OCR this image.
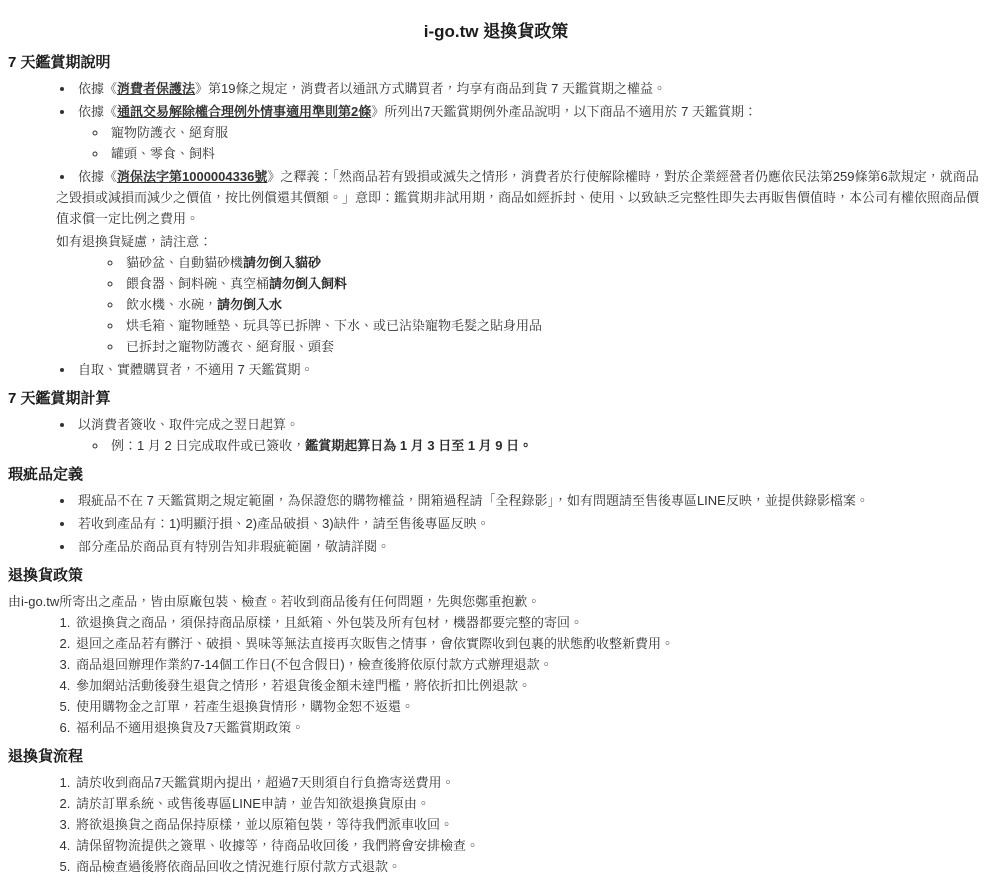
i-go.tw 退換貨政策
7 天鑑賞期說明
• 依據《消費者保護法》第19條之規定，消費者以通訊方式購買者，均享有商品到貨 7 天鑑賞期之權益。
• 依據《通訊交易解除權合理例外情事適用準則第2條》所列出7天鑑賞期例外產品說明，以下商品不適用於 7 天鑑賞期：
◦ 寵物防護衣、絕育服
◦ 罐頭、零食、飼料
• 依據《消保法字第1000004336號》之釋義：「然商品若有毀損或滅失之情形，消費者於行使解除權時，對於企業經營者仍應依民法第259條第6款規定，就商品之毀損或減損而減少之價值，按比例償還其價額。」意即：鑑賞期非試用期，商品如經拆封、使用、以致缺乏完整性即失去再販售價值時，本公司有權依照商品價值求償一定比例之費用。

如有退換貨疑慮，請注意：

◦ 貓砂盆、自動貓砂機請勿倒入貓砂
◦ 餵食器、飼料碗、真空桶請勿倒入飼料
◦ 飲水機、水碗，請勿倒入水
◦ 烘毛箱、寵物睡墊、玩具等已拆牌、下水、或已沾染寵物毛髮之貼身用品
◦ 已拆封之寵物防護衣、絕育服、頭套
• 自取、實體購買者，不適用 7 天鑑賞期。
7 天鑑賞期計算
• 以消費者簽收、取件完成之翌日起算。
◦ 例：1 月 2 日完成取件或已簽收，鑑賞期起算日為 1 月 3 日至 1 月 9 日。
瑕疵品定義
• 瑕疵品不在 7 天鑑賞期之規定範圍，為保證您的購物權益，開箱過程請「全程錄影」，如有問題請至售後專區LINE反映，並提供錄影檔案。
• 若收到產品有：1)明顯汙損、2)產品破損、3)缺件，請至售後專區反映。
• 部分產品於商品頁有特別告知非瑕疵範圍，敬請詳閱。
退換貨政策

由i-go.tw所寄出之產品，皆由原廠包裝、檢查。若收到商品後有任何問題，先與您鄭重抱歉。

1. 欲退換貨之商品，須保持商品原樣，且紙箱、外包裝及所有包材，機器都要完整的寄回。
2. 退回之產品若有髒汙、破損、異味等無法直接再次販售之情事，會依實際收到包裹的狀態酌收整新費用。
3. 商品退回辦理作業約7-14個工作日(不包含假日)，檢查後將依原付款方式辦理退款。
4. 參加網站活動後發生退貨之情形，若退貨後金額未達門檻，將依折扣比例退款。
5. 使用購物金之訂單，若產生退換貨情形，購物金恕不返還。
6. 福利品不適用退換貨及7天鑑賞期政策。
退換貨流程
1. 請於收到商品7天鑑賞期內提出，超過7天則須自行負擔寄送費用。
2. 請於訂單系統、或售後專區LINE申請，並告知欲退換貨原由。
3. 將欲退換貨之商品保持原樣，並以原箱包裝，等待我們派車收回。
4. 請保留物流提供之簽單、收據等，待商品收回後，我們將會安排檢查。
5. 商品檢查過後將依商品回收之情況進行原付款方式退款。
